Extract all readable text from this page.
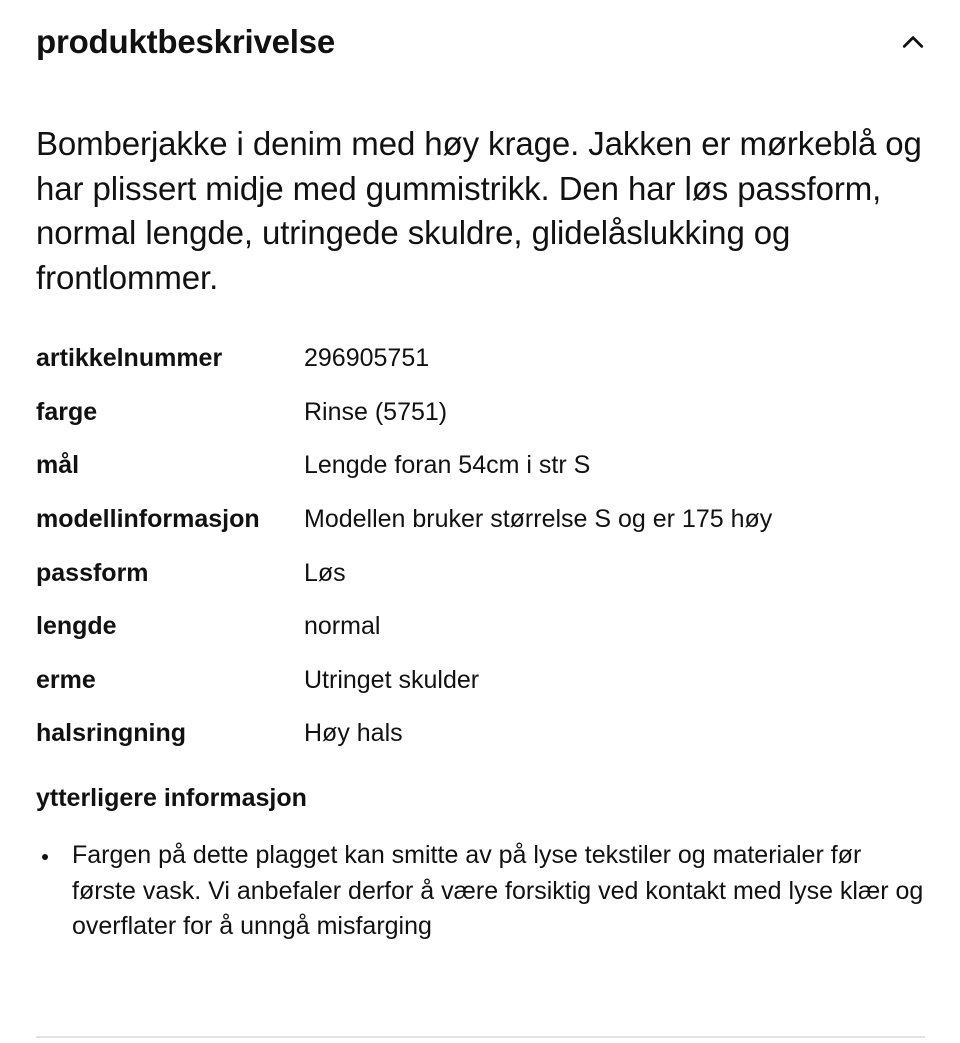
produktbeskrivelse

Bomberjakke i denim med høy krage. Jakken er mørkeblå og har plissert midje med gummistrikk. Den har løs passform, normal lengde, utringede skuldre, glidelåslukking og frontlommer.

artikkelnummer	296905751
farge	Rinse (5751)
mål	Lengde foran 54cm i str S
modellinformasjon	Modellen bruker størrelse S og er 175 høy
passform	Løs
lengde	normal
erme	Utringet skulder
halsringning	Høy hals
ytterligere informasjon
Fargen på dette plagget kan smitte av på lyse tekstiler og materialer før første vask. Vi anbefaler derfor å være forsiktig ved kontakt med lyse klær og overflater for å unngå misfarging
